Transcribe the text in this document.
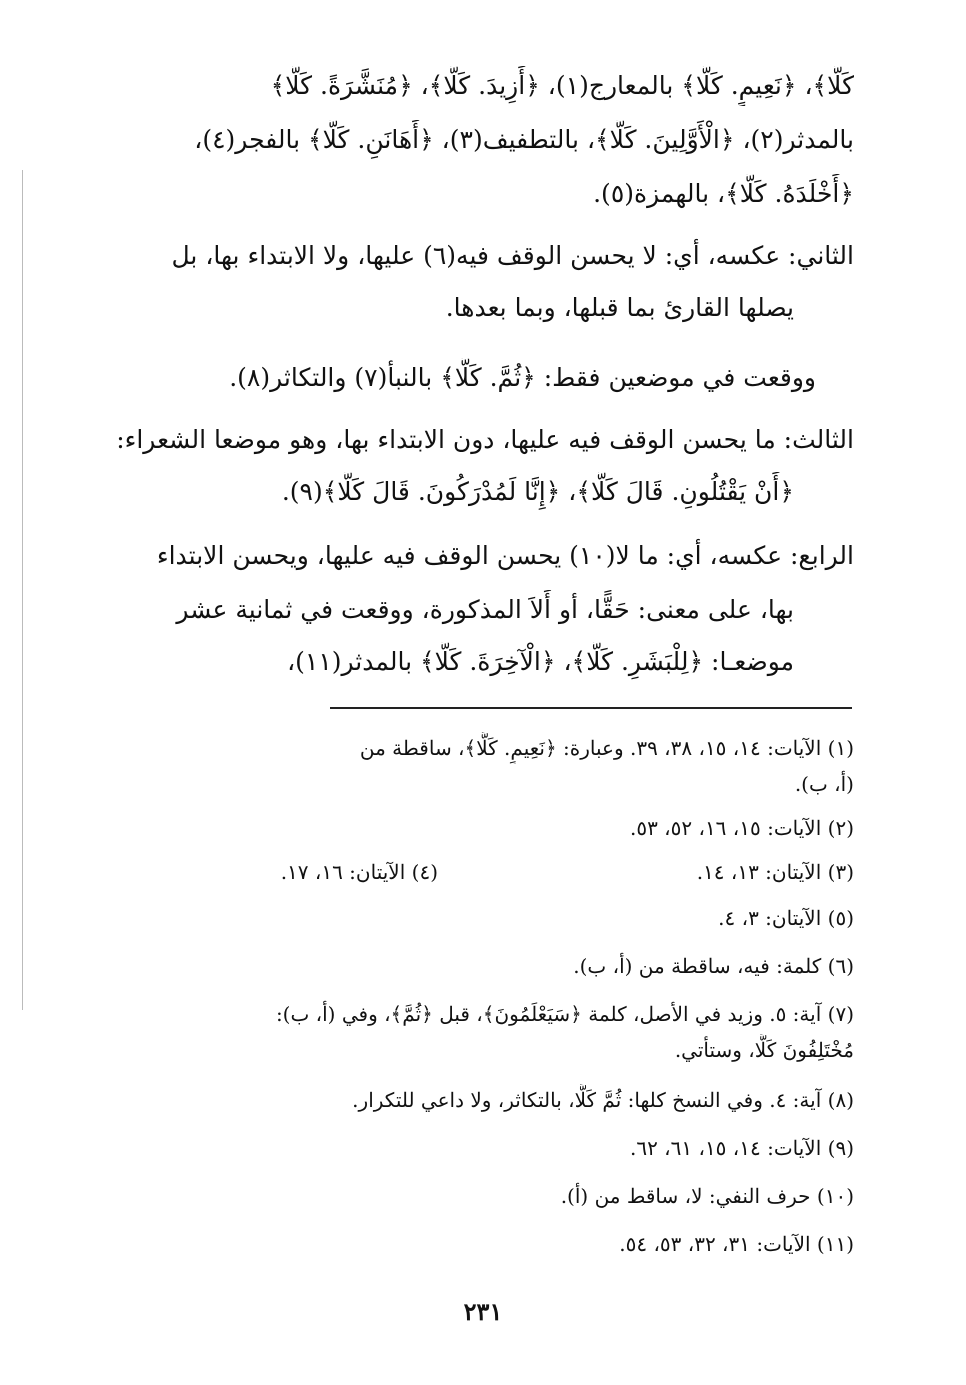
كَلَّا﴾، ﴿نَعِيمٍ. كَلَّا﴾ بالمعارج(١)، ﴿أَزِيدَ. كَلَّا﴾، ﴿مُنَشَّرَةً. كَلَّا﴾
بالمدثر(٢)، ﴿الْأَوَّلِينَ. كَلَّا﴾، بالتطفيف(٣)، ﴿أَهَانَنِ. كَلَّا﴾ بالفجر(٤)،
﴿أَخْلَدَهُ. كَلَّا﴾، بالهمزة(٥).
الثاني: عكسه، أي: لا يحسن الوقف فيه(٦) عليها، ولا الابتداء بها، بل
يصلها القارئ بما قبلها، وبما بعدها.
ووقعت في موضعين فقط: ﴿ثُمَّ. كَلَّا﴾ بالنبأ(٧) والتكاثر(٨).
الثالث: ما يحسن الوقف فيه عليها، دون الابتداء بها، وهو موضعا الشعراء:
﴿أَنْ يَقْتُلُونِ. قَالَ كَلَّا﴾، ﴿إِنَّا لَمُدْرَكُونَ. قَالَ كَلَّا﴾(٩).
الرابع: عكسه، أي: ما لا(١٠) يحسن الوقف فيه عليها، ويحسن الابتداء
بها، على معنى: حَقًّا، أو أَلاَ المذكورة، ووقعت في ثمانية عشر
موضعـا: ﴿لِلْبَشَرِ. كَلَّا﴾، ﴿الْآخِرَةَ. كَلَّا﴾ بالمدثر(١١)،
(١) الآيات: ١٤، ١٥، ٣٨، ٣٩. وعبارة: ﴿نَعِيمٍ. كَلَّا﴾، ساقطة من
(أ، ب).
(٢) الآيات: ١٥، ١٦، ٥٢، ٥٣.
(٣) الآيتان: ١٣، ١٤.
(٤) الآيتان: ١٦، ١٧.
(٥) الآيتان: ٣، ٤.
(٦) كلمة: فيه، ساقطة من (أ، ب).
(٧) آية: ٥. وزيد في الأصل، كلمة ﴿سَيَعْلَمُونَ﴾، قبل ﴿ثُمَّ﴾، وفي (أ، ب):
مُخْتَلِفُونَ كَلَّا، وستأتي.
(٨) آية: ٤. وفي النسخ كلها: ثُمَّ كَلَّا، بالتكاثر، ولا داعي للتكرار.
(٩) الآيات: ١٤، ١٥، ٦١، ٦٢.
(١٠) حرف النفي: لا، ساقط من (أ).
(١١) الآيات: ٣١، ٣٢، ٥٣، ٥٤.
٢٣١
